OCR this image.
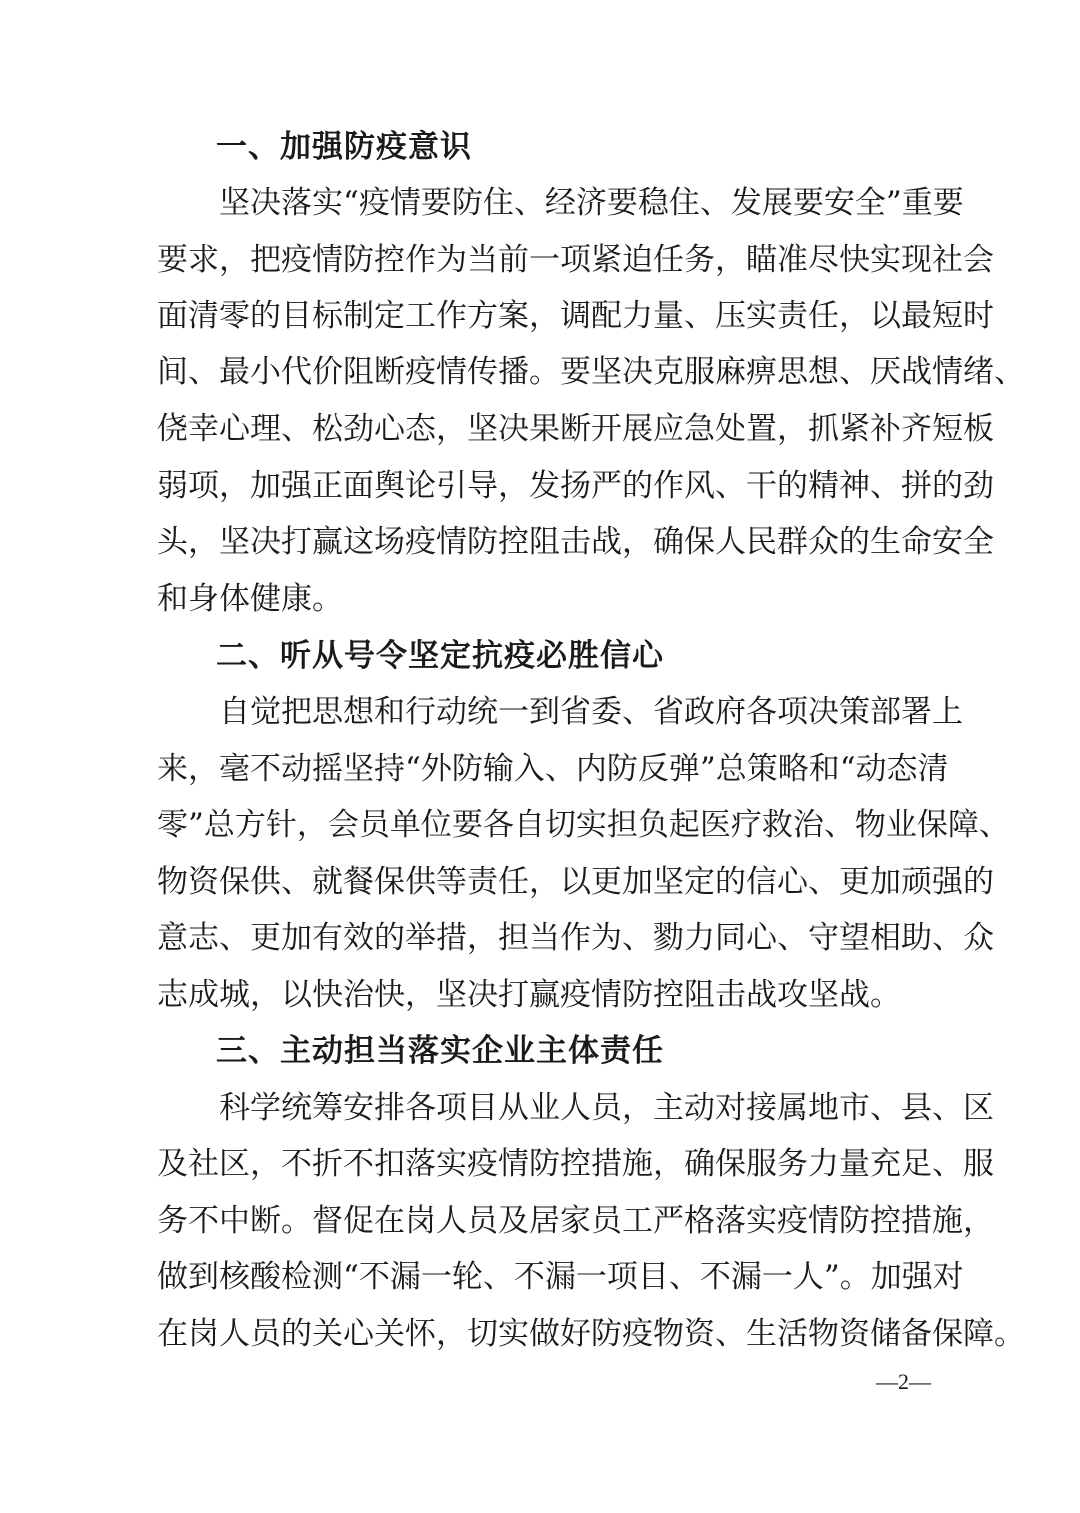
一、加强防疫意识
坚决落实“疫情要防住、经济要稳住、发展要安全”重要
要求，把疫情防控作为当前一项紧迫任务，瞄准尽快实现社会
面清零的目标制定工作方案，调配力量、压实责任，以最短时
间、最小代价阻断疫情传播。要坚决克服麻痹思想、厌战情绪、
侥幸心理、松劲心态，坚决果断开展应急处置，抓紧补齐短板
弱项，加强正面舆论引导，发扬严的作风、干的精神、拼的劲
头，坚决打赢这场疫情防控阻击战，确保人民群众的生命安全
和身体健康。
二、听从号令坚定抗疫必胜信心
自觉把思想和行动统一到省委、省政府各项决策部署上
来，毫不动摇坚持“外防输入、内防反弹”总策略和“动态清
零”总方针，会员单位要各自切实担负起医疗救治、物业保障、
物资保供、就餐保供等责任，以更加坚定的信心、更加顽强的
意志、更加有效的举措，担当作为、勠力同心、守望相助、众
志成城，以快治快，坚决打赢疫情防控阻击战攻坚战。
三、主动担当落实企业主体责任
科学统筹安排各项目从业人员，主动对接属地市、县、区
及社区，不折不扣落实疫情防控措施，确保服务力量充足、服
务不中断。督促在岗人员及居家员工严格落实疫情防控措施，
做到核酸检测“不漏一轮、不漏一项目、不漏一人”。加强对
在岗人员的关心关怀，切实做好防疫物资、生活物资储备保障。
—2—
